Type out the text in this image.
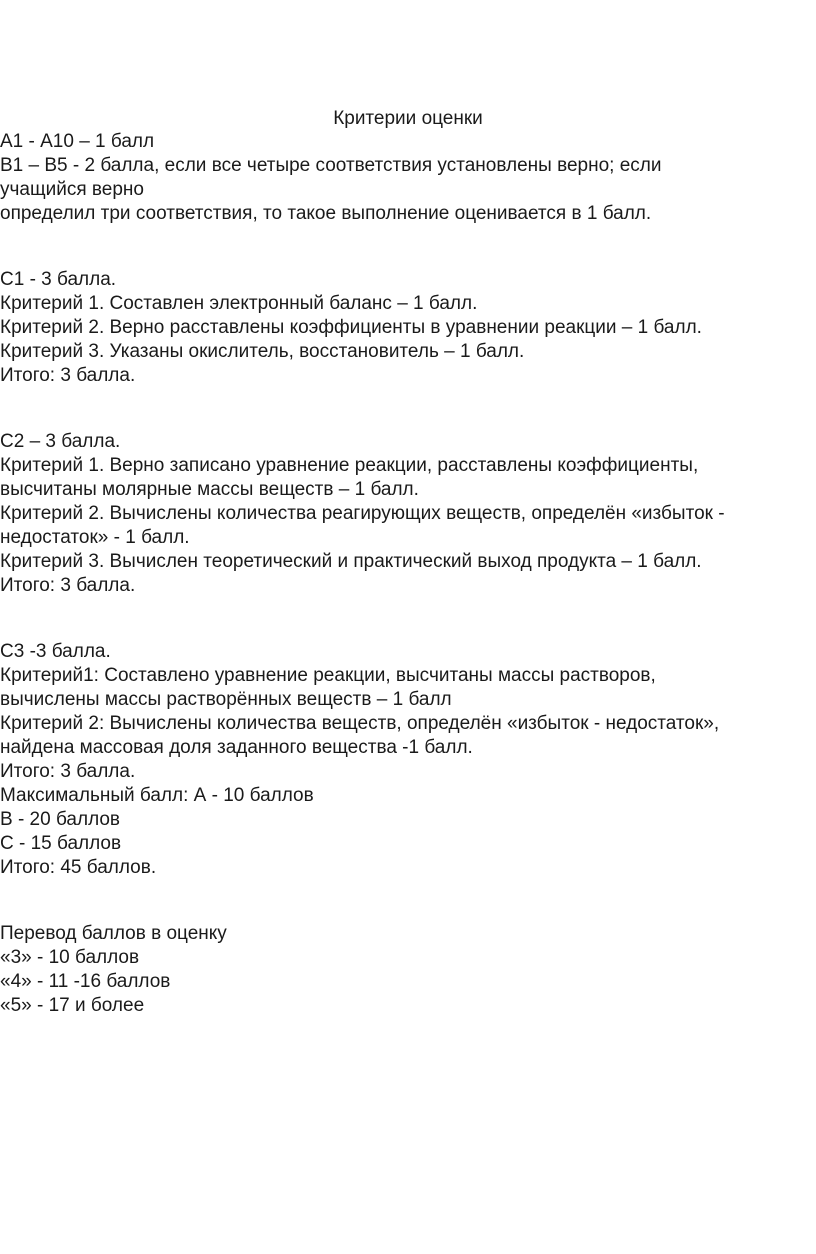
Критерии оценки

А1 - А10 – 1 балл

В1 – В5 - 2 балла, если все четыре соответствия установлены верно; если

учащийся верно

определил три соответствия, то такое выполнение оценивается в 1 балл.

С1 - 3 балла.

Критерий 1. Составлен электронный баланс – 1 балл.

Критерий 2. Верно расставлены коэффициенты в уравнении реакции – 1 балл.

Критерий 3. Указаны окислитель, восстановитель – 1 балл.

Итого: 3 балла.

С2 – 3 балла.

Критерий 1. Верно записано уравнение реакции, расставлены коэффициенты,

высчитаны молярные массы веществ – 1 балл.

Критерий 2. Вычислены количества реагирующих веществ, определён «избыток -

недостаток» - 1 балл.

Критерий 3. Вычислен теоретический и практический выход продукта – 1 балл.

Итого: 3 балла.

С3 -3 балла.

Критерий1: Составлено уравнение реакции, высчитаны массы растворов,

вычислены массы растворённых веществ – 1 балл

Критерий 2: Вычислены количества веществ, определён «избыток - недостаток»,

найдена массовая доля заданного вещества -1 балл.

Итого: 3 балла.

Максимальный балл: А - 10 баллов

В - 20 баллов

С - 15 баллов

Итого: 45 баллов.

Перевод баллов в оценку

«3» - 10 баллов

«4» - 11 -16 баллов

«5» - 17 и более
